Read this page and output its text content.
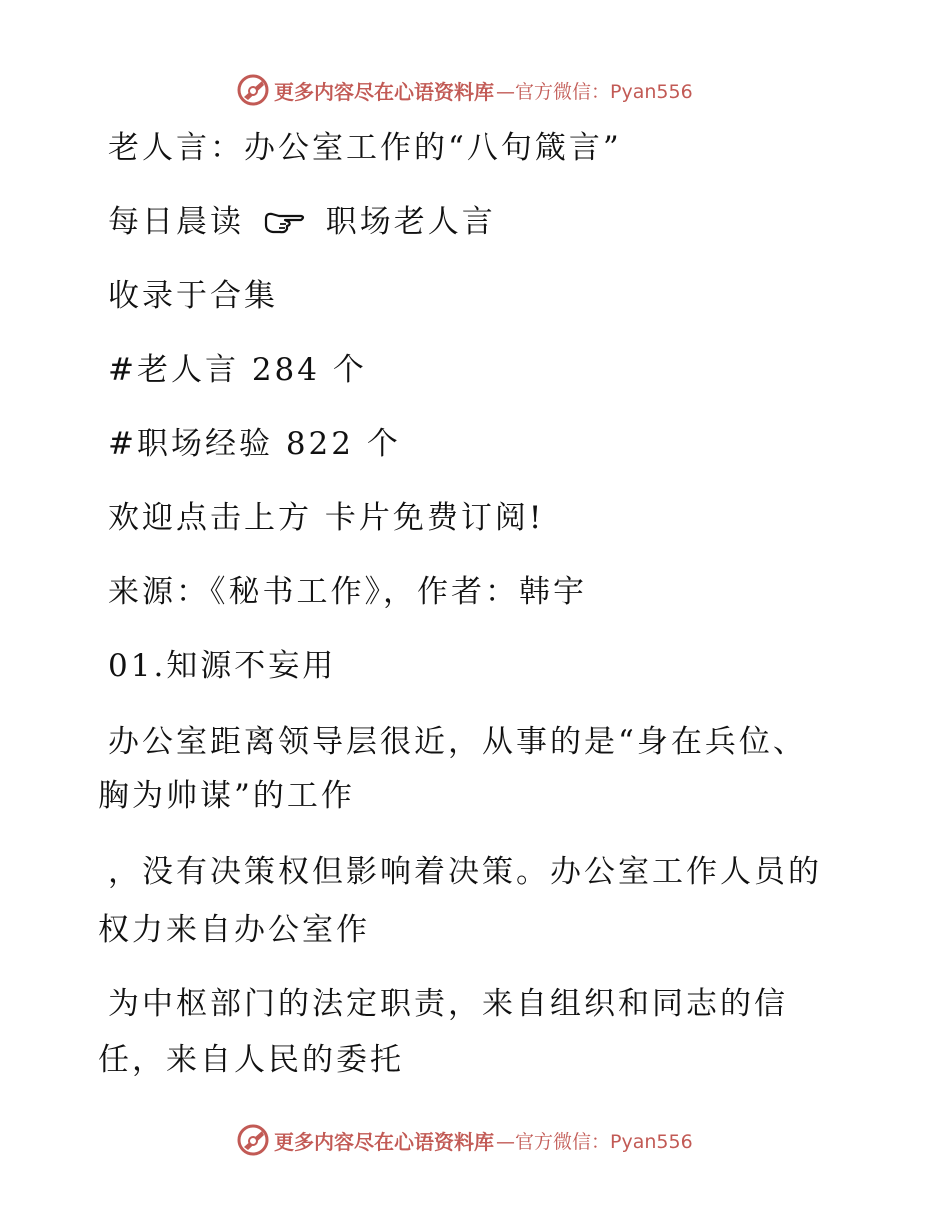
更多内容尽在心语资料库 —官方微信：Pyan556
老人言：办公室工作的“八句箴言”
每日晨读	职场老人言
收录于合集
#老人言 284 个
#职场经验 822 个
欢迎点击上方 卡片免费订阅!
来源：《秘书工作》，作者：韩宇
01.知源不妄用
办公室距离领导层很近，从事的是“身在兵位、
胸为帅谋”的工作
，没有决策权但影响着决策。办公室工作人员的
权力来自办公室作
为中枢部门的法定职责，来自组织和同志的信
任，来自人民的委托
更多内容尽在心语资料库 —官方微信：Pyan556
